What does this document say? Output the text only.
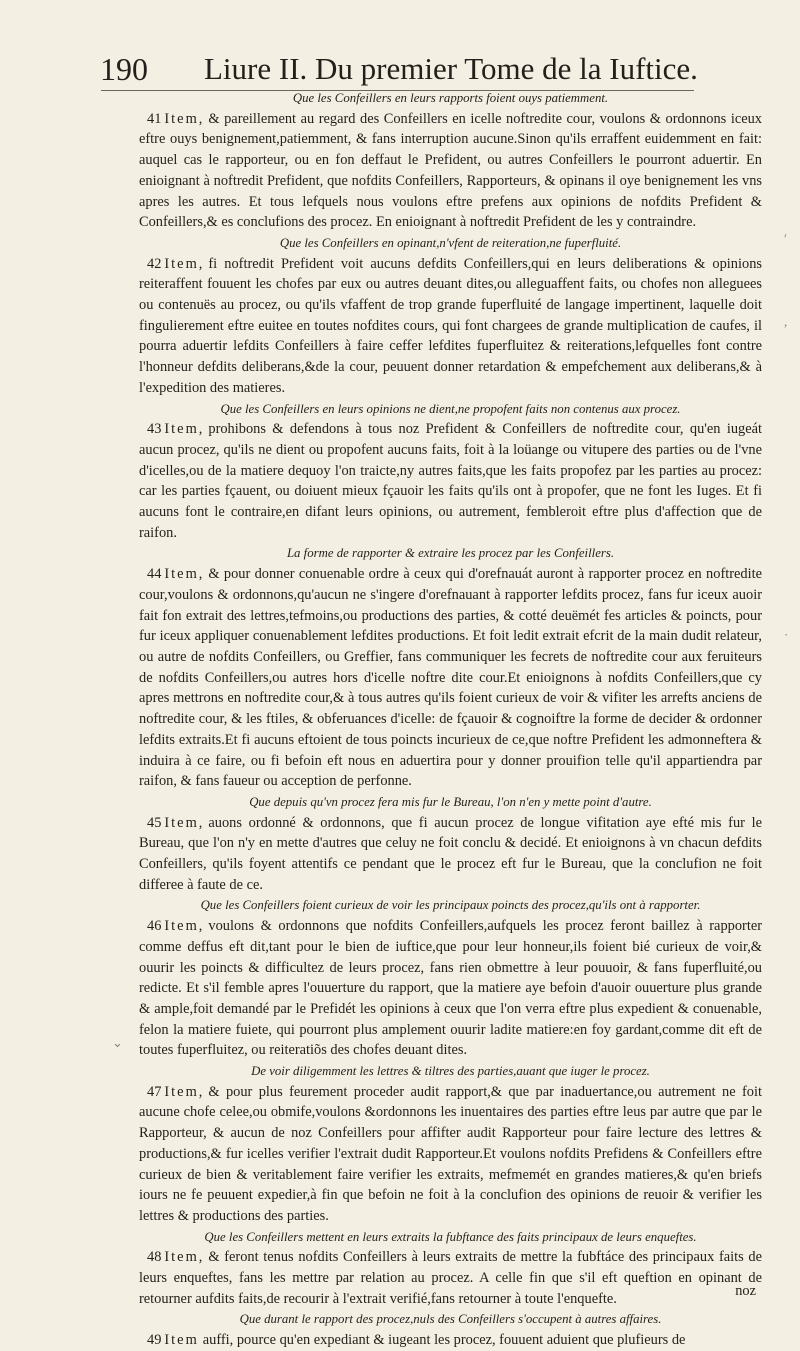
190 Liure II. Du premier Tome de la Iuftice.
Que les Confeillers en leurs rapports foient ouys patiemment.

41 Item, & pareillement au regard des Confeillers en icelle noftredite cour, voulons & ordonnons iceux eftre ouys benignement,patiemment, & fans interruption aucune.Sinon qu'ils erraffent euidemment en fait: auquel cas le rapporteur, ou en fon deffaut le Prefident, ou autres Confeillers le pourront aduertir. En enioignant à noftredit Prefident, que nofdits Confeillers, Rapporteurs, & opinans il oye benignement les vns apres les autres. Et tous lefquels nous voulons eftre prefens aux opinions de nofdits Prefident & Confeillers,& es conclufions des procez. En enioignant à noftredit Prefident de les y contraindre.

Que les Confeillers en opinant,n'vfent de reiteration,ne fuperfluité.

42 Item, fi noftredit Prefident voit aucuns defdits Confeillers,qui en leurs deliberations & opinions reiteraffent fouuent les chofes par eux ou autres deuant dites,ou alleguaffent faits, ou chofes non alleguees ou contenuës au procez, ou qu'ils vfaffent de trop grande fuperfluité de langage impertinent, laquelle doit fingulierement eftre euitee en toutes nofdites cours, qui font chargees de grande multiplication de caufes, il pourra aduertir lefdits Confeillers à faire ceffer lefdites fuperfluitez & reiterations,lefquelles font contre l'honneur defdits deliberans,&de la cour, peuuent donner retardation & empefchement aux deliberans,& à l'expedition des matieres.

Que les Confeillers en leurs opinions ne dient,ne propofent faits non contenus aux procez.

43 Item, prohibons & defendons à tous noz Prefident & Confeillers de noftredite cour, qu'en iugeát aucun procez, qu'ils ne dient ou propofent aucuns faits, foit à la loüange ou vitupere des parties ou de l'vne d'icelles,ou de la matiere dequoy l'on traicte,ny autres faits,que les faits propofez par les parties au procez: car les parties fçauent, ou doiuent mieux fçauoir les faits qu'ils ont à propofer, que ne font les Iuges. Et fi aucuns font le contraire,en difant leurs opinions, ou autrement, fembleroit eftre plus d'affection que de raifon.

La forme de rapporter & extraire les procez par les Confeillers.

44 Item, & pour donner conuenable ordre à ceux qui d'orefnauát auront à rapporter procez en noftredite cour,voulons & ordonnons,qu'aucun ne s'ingere d'orefnauant à rapporter lefdits procez, fans fur iceux auoir fait fon extrait des lettres,tefmoins,ou productions des parties, & cotté deuëmét fes articles & poincts, pour fur iceux appliquer conuenablement lefdites productions. Et foit ledit extrait efcrit de la main dudit relateur, ou autre de nofdits Confeillers, ou Greffier, fans communiquer les fecrets de noftredite cour aux feruiteurs de nofdits Confeillers,ou autres hors d'icelle noftre dite cour.Et enioignons à nofdits Confeillers,que cy apres mettrons en noftredite cour,& à tous autres qu'ils foient curieux de voir & vifiter les arrefts anciens de noftredite cour, & les ftiles, & obferuances d'icelle: de fçauoir & cognoiftre la forme de decider & ordonner lefdits extraits.Et fi aucuns eftoient de tous poincts incurieux de ce,que noftre Prefident les admonneftera & induira à ce faire, ou fi befoin eft nous en aduertira pour y donner prouifion telle qu'il appartiendra par raifon, & fans faueur ou acception de perfonne.

Que depuis qu'vn procez fera mis fur le Bureau, l'on n'en y mette point d'autre.

45 Item, auons ordonné & ordonnons, que fi aucun procez de longue vifitation aye efté mis fur le Bureau, que l'on n'y en mette d'autres que celuy ne foit conclu & decidé. Et enioignons à vn chacun defdits Confeillers, qu'ils foyent attentifs ce pendant que le procez eft fur le Bureau, que la conclufion ne foit differee à faute de ce.

Que les Confeillers foient curieux de voir les principaux poincts des procez,qu'ils ont à rapporter.

46 Item, voulons & ordonnons que nofdits Confeillers,aufquels les procez feront baillez à rapporter comme deffus eft dit,tant pour le bien de iuftice,que pour leur honneur,ils foient bié curieux de voir,& ouurir les poincts & difficultez de leurs procez, fans rien obmettre à leur pouuoir, & fans fuperfluité,ou redicte. Et s'il femble apres l'ouuerture du rapport, que la matiere aye befoin d'auoir ouuerture plus grande & ample,foit demandé par le Prefidét les opinions à ceux que l'on verra eftre plus expedient & conuenable, felon la matiere fuiete, qui pourront plus amplement ouurir ladite matiere:en foy gardant,comme dit eft de toutes fuperfluitez, ou reiteratiõs des chofes deuant dites.

De voir diligemment les lettres & tiltres des parties,auant que iuger le procez.

47 Item, & pour plus feurement proceder audit rapport,& que par inaduertance,ou autrement ne foit aucune chofe celee,ou obmife,voulons &ordonnons les inuentaires des parties eftre leus par autre que par le Rapporteur, & aucun de noz Confeillers pour affifter audit Rapporteur pour faire lecture des lettres & productions,& fur icelles verifier l'extrait dudit Rapporteur.Et voulons nofdits Prefidens & Confeillers eftre curieux de bien & veritablement faire verifier les extraits, mefmemét en grandes matieres,& qu'en briefs iours ne fe peuuent expedier,à fin que befoin ne foit à la conclufion des opinions de reuoir & verifier les lettres & productions des parties.

Que les Confeillers mettent en leurs extraits la fubftance des faits principaux de leurs enqueftes.

48 Item, & feront tenus nofdits Confeillers à leurs extraits de mettre la fubftáce des principaux faits de leurs enqueftes, fans les mettre par relation au procez. A celle fin que s'il eft queftion en opinant de retourner aufdits faits,de recourir à l'extrait verifié,fans retourner à toute l'enquefte.

Que durant le rapport des procez,nuls des Confeillers s'occupent à autres affaires.

49 Item auffi, pource qu'en expediant & iugeant les procez, fouuent aduient que plufieurs de

noz
⌄
′
,
·
